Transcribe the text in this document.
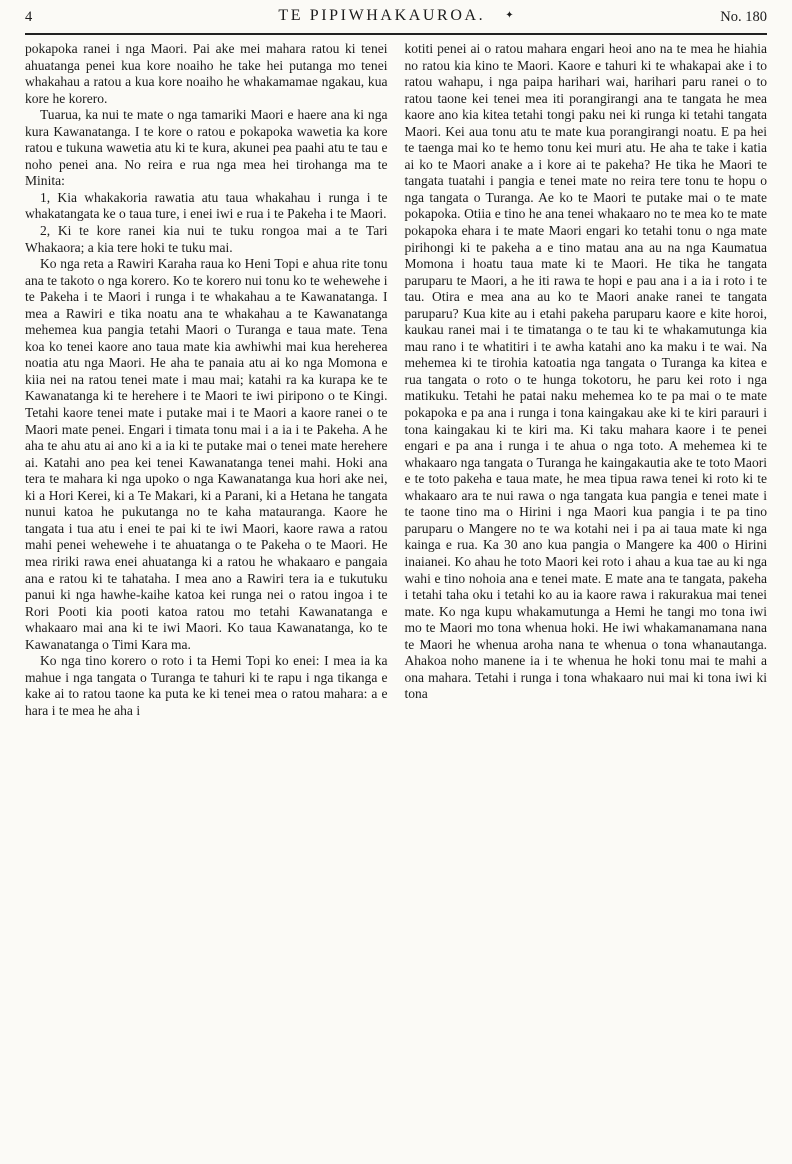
4	TE PIPIWHAKAUROA. ✦	No. 180

pokapoka ranei i nga Maori. Pai ake mei mahara ratou ki tenei ahuatanga penei kua kore noaiho he take hei putanga mo tenei whakahau a ratou a kua kore noaiho he whakamamae ngakau, kua kore he korero.

Tuarua, ka nui te mate o nga tamariki Maori e haere ana ki nga kura Kawanatanga. I te kore o ratou e pokapoka wawetia ka kore ratou e tukuna wawetia atu ki te kura, akunei pea paahi atu te tau e noho penei ana. No reira e rua nga mea hei tirohanga ma te Minita:

1, Kia whakakoria rawatia atu taua whakahau i runga i te whakatangata ke o taua ture, i enei iwi e rua i te Pakeha i te Maori.

2, Ki te kore ranei kia nui te tuku rongoa mai a te Tari Whakaora; a kia tere hoki te tuku mai.

Ko nga reta a Rawiri Karaha raua ko Heni Topi e ahua rite tonu ana te takoto o nga korero. Ko te korero nui tonu ko te wehewehe i te Pakeha i te Maori i runga i te whakahau a te Kawanatanga. I mea a Rawiri e tika noatu ana te whakahau a te Kawanatanga mehemea kua pangia tetahi Maori o Turanga e taua mate. Tena koa ko tenei kaore ano taua mate kia awhiwhi mai kua hereherea noatia atu nga Maori. He aha te panaia atu ai ko nga Momona e kiia nei na ratou tenei mate i mau mai; katahi ra ka kurapa ke te Kawanatanga ki te herehere i te Maori te iwi piripono o te Kingi. Tetahi kaore tenei mate i putake mai i te Maori a kaore ranei o te Maori mate penei. Engari i timata tonu mai i a ia i te Pakeha. A he aha te ahu atu ai ano ki a ia ki te putake mai o tenei mate herehere ai. Katahi ano pea kei tenei Kawanatanga tenei mahi. Hoki ana tera te mahara ki nga upoko o nga Kawanatanga kua hori ake nei, ki a Hori Kerei, ki a Te Makari, ki a Parani, ki a Hetana he tangata nunui katoa he pukutanga no te kaha matauranga. Kaore he tangata i tua atu i enei te pai ki te iwi Maori, kaore rawa a ratou mahi penei wehewehe i te ahuatanga o te Pakeha o te Maori. He mea ririki rawa enei ahuatanga ki a ratou he whakaaro e pangaia ana e ratou ki te tahataha. I mea ano a Rawiri tera ia e tukutuku panui ki nga hawhe-kaihe katoa kei runga nei o ratou ingoa i te Rori Pooti kia pooti katoa ratou mo tetahi Kawanatanga e whakaaro mai ana ki te iwi Maori. Ko taua Kawanatanga, ko te Kawanatanga o Timi Kara ma.

Ko nga tino korero o roto i ta Hemi Topi ko enei: I mea ia ka mahue i nga tangata o Turanga te tahuri ki te rapu i nga tikanga e kake ai to ratou taone ka puta ke ki tenei mea o ratou mahara: a e hara i te mea he aha i

kotiti penei ai o ratou mahara engari heoi ano na te mea he hiahia no ratou kia kino te Maori. Kaore e tahuri ki te whakapai ake i to ratou wahapu, i nga paipa harihari wai, harihari paru ranei o to ratou taone kei tenei mea iti porangirangi ana te tangata he mea kaore ano kia kitea tetahi tongi paku nei ki runga ki tetahi tangata Maori. Kei aua tonu atu te mate kua porangirangi noatu. E pa hei te taenga mai ko te hemo tonu kei muri atu. He aha te take i katia ai ko te Maori anake a i kore ai te pakeha? He tika he Maori te tangata tuatahi i pangia e tenei mate no reira tere tonu te hopu o nga tangata o Turanga. Ae ko te Maori te putake mai o te mate pokapoka. Otiia e tino he ana tenei whakaaro no te mea ko te mate pokapoka ehara i te mate Maori engari ko tetahi tonu o nga mate pirihongi ki te pakeha a e tino matau ana au na nga Kaumatua Momona i hoatu taua mate ki te Maori. He tika he tangata paruparu te Maori, a he iti rawa te hopi e pau ana i a ia i roto i te tau. Otira e mea ana au ko te Maori anake ranei te tangata paruparu? Kua kite au i etahi pakeha paruparu kaore e kite horoi, kaukau ranei mai i te timatanga o te tau ki te whakamutunga kia mau rano i te whatitiri i te awha katahi ano ka maku i te wai. Na mehemea ki te tirohia katoatia nga tangata o Turanga ka kitea e rua tangata o roto o te hunga tokotoru, he paru kei roto i nga matikuku. Tetahi he patai naku mehemea ko te pa mai o te mate pokapoka e pa ana i runga i tona kaingakau ake ki te kiri parauri i tona kaingakau ki te kiri ma. Ki taku mahara kaore i te penei engari e pa ana i runga i te ahua o nga toto. A mehemea ki te whakaaro nga tangata o Turanga he kaingakautia ake te toto Maori e te toto pakeha e taua mate, he mea tipua rawa tenei ki roto ki te whakaaro ara te nui rawa o nga tangata kua pangia e tenei mate i te taone tino ma o Hirini i nga Maori kua pangia i te pa tino paruparu o Mangere no te wa kotahi nei i pa ai taua mate ki nga kainga e rua. Ka 30 ano kua pangia o Mangere ka 400 o Hirini inaianei. Ko ahau he toto Maori kei roto i ahau a kua tae au ki nga wahi e tino nohoia ana e tenei mate. E mate ana te tangata, pakeha i tetahi taha oku i tetahi ko au ia kaore rawa i rakurakua mai tenei mate. Ko nga kupu whakamutunga a Hemi he tangi mo tona iwi mo te Maori mo tona whenua hoki. He iwi whakamanamana nana te Maori he whenua aroha nana te whenua o tona whanautanga. Ahakoa noho manene ia i te whenua he hoki tonu mai te mahi a ona mahara. Tetahi i runga i tona whakaaro nui mai ki tona iwi ki tona
